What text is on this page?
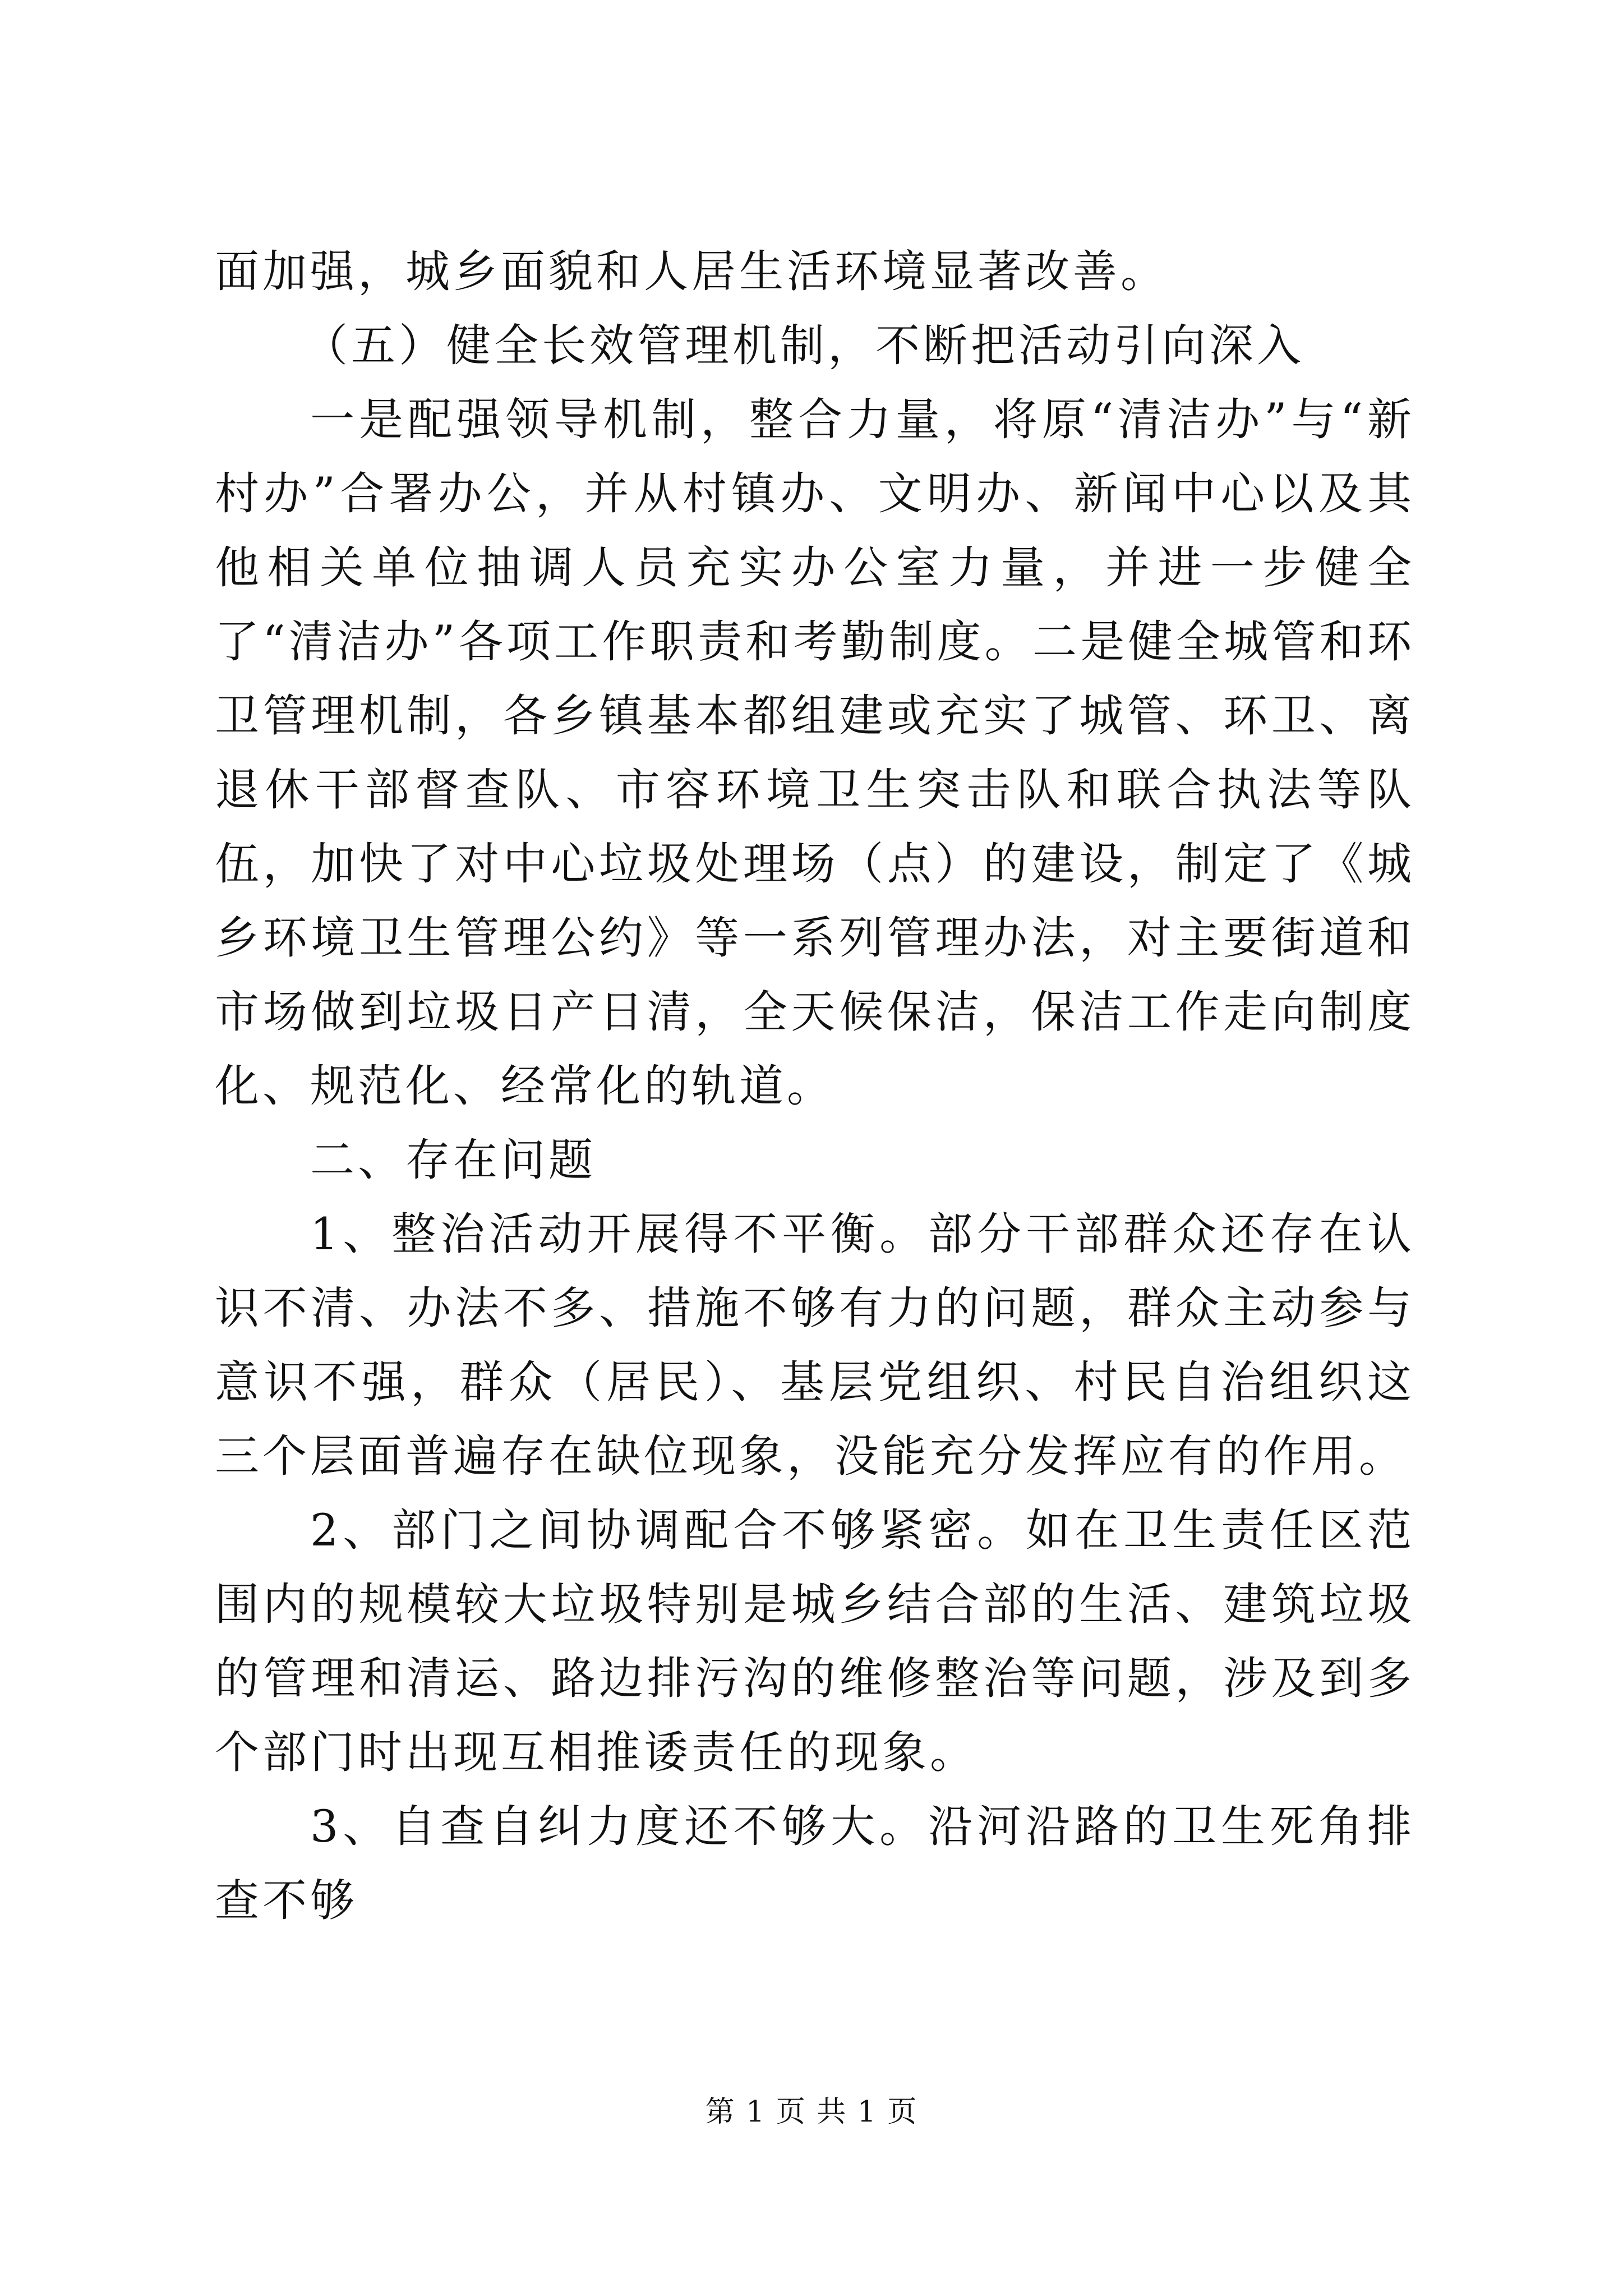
面加强，城乡面貌和人居生活环境显著改善。

（五）健全长效管理机制，不断把活动引向深入

一是配强领导机制，整合力量，将原“清洁办”与“新村办”合署办公，并从村镇办、文明办、新闻中心以及其他相关单位抽调人员充实办公室力量，并进一步健全了“清洁办”各项工作职责和考勤制度。二是健全城管和环卫管理机制，各乡镇基本都组建或充实了城管、环卫、离退休干部督查队、市容环境卫生突击队和联合执法等队伍，加快了对中心垃圾处理场（点）的建设，制定了《城乡环境卫生管理公约》等一系列管理办法，对主要街道和市场做到垃圾日产日清，全天候保洁，保洁工作走向制度化、规范化、经常化的轨道。

二、存在问题

1、整治活动开展得不平衡。部分干部群众还存在认识不清、办法不多、措施不够有力的问题，群众主动参与意识不强，群众（居民）、基层党组织、村民自治组织这三个层面普遍存在缺位现象，没能充分发挥应有的作用。

2、部门之间协调配合不够紧密。如在卫生责任区范围内的规模较大垃圾特别是城乡结合部的生活、建筑垃圾的管理和清运、路边排污沟的维修整治等问题，涉及到多个部门时出现互相推诿责任的现象。

3、自查自纠力度还不够大。沿河沿路的卫生死角排查不够

第 1 页 共 1 页
